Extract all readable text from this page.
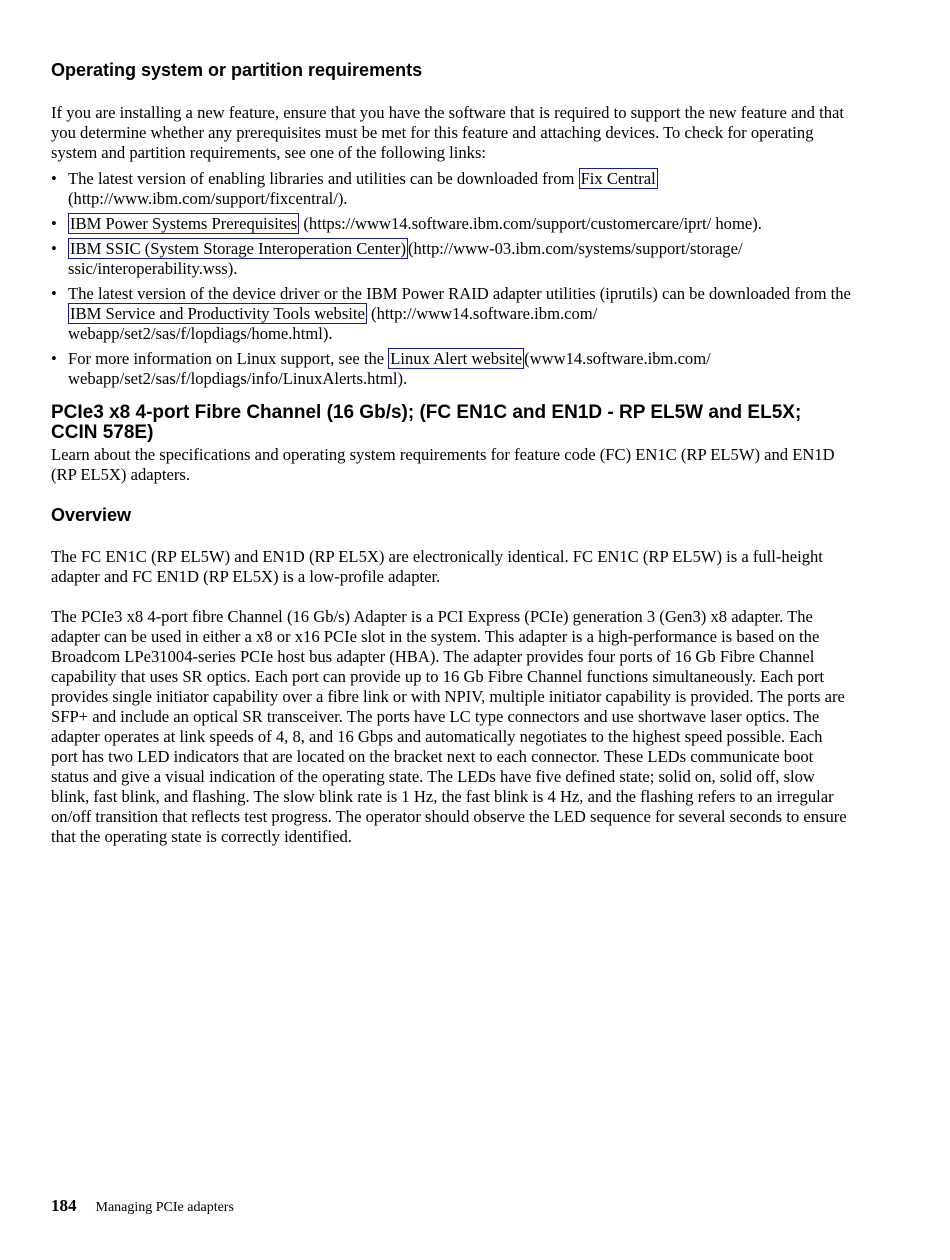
Operating system or partition requirements

If you are installing a new feature, ensure that you have the software that is required to support the new feature and that you determine whether any prerequisites must be met for this feature and attaching devices. To check for operating system and partition requirements, see one of the following links:

• The latest version of enabling libraries and utilities can be downloaded from Fix Central (http://www.ibm.com/support/fixcentral/).
• IBM Power Systems Prerequisites (https://www14.software.ibm.com/support/customercare/iprt/ home).
• IBM SSIC (System Storage Interoperation Center) (http://www-03.ibm.com/systems/support/storage/ ssic/interoperability.wss).
• The latest version of the device driver or the IBM Power RAID adapter utilities (iprutils) can be downloaded from the IBM Service and Productivity Tools website (http://www14.software.ibm.com/ webapp/set2/sas/f/lopdiags/home.html).
• For more information on Linux support, see the Linux Alert website (www14.software.ibm.com/ webapp/set2/sas/f/lopdiags/info/LinuxAlerts.html).
PCIe3 x8 4-port Fibre Channel (16 Gb/s); (FC EN1C and EN1D - RP EL5W and EL5X; CCIN 578E)

Learn about the specifications and operating system requirements for feature code (FC) EN1C (RP EL5W) and EN1D (RP EL5X) adapters.

Overview

The FC EN1C (RP EL5W) and EN1D (RP EL5X) are electronically identical. FC EN1C (RP EL5W) is a full-height adapter and FC EN1D (RP EL5X) is a low-profile adapter.

The PCIe3 x8 4-port fibre Channel (16 Gb/s) Adapter is a PCI Express (PCIe) generation 3 (Gen3) x8 adapter. The adapter can be used in either a x8 or x16 PCIe slot in the system. This adapter is a high-performance is based on the Broadcom LPe31004-series PCIe host bus adapter (HBA). The adapter provides four ports of 16 Gb Fibre Channel capability that uses SR optics. Each port can provide up to 16 Gb Fibre Channel functions simultaneously. Each port provides single initiator capability over a fibre link or with NPIV, multiple initiator capability is provided. The ports are SFP+ and include an optical SR transceiver. The ports have LC type connectors and use shortwave laser optics. The adapter operates at link speeds of 4, 8, and 16 Gbps and automatically negotiates to the highest speed possible. Each port has two LED indicators that are located on the bracket next to each connector. These LEDs communicate boot status and give a visual indication of the operating state. The LEDs have five defined state; solid on, solid off, slow blink, fast blink, and flashing. The slow blink rate is 1 Hz, the fast blink is 4 Hz, and the flashing refers to an irregular on/off transition that reflects test progress. The operator should observe the LED sequence for several seconds to ensure that the operating state is correctly identified.

184 Managing PCIe adapters
